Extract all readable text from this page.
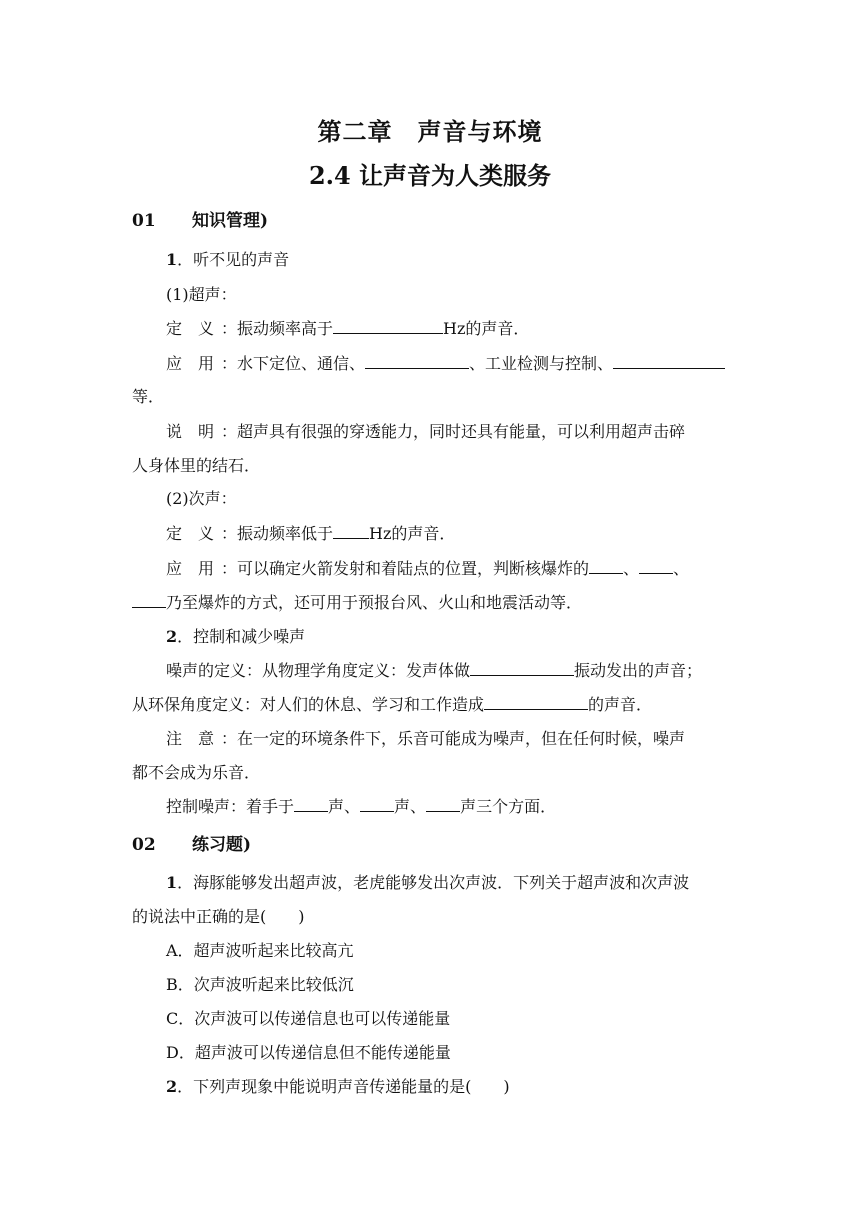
第二章　声音与环境
2.4 让声音为人类服务
01 知识管理)
1．听不见的声音
(1)超声：
定　义 ：振动频率高于	Hz的声音．
应　用 ：水下定位、通信、	、工业检测与控制、
等．
说　明 ：超声具有很强的穿透能力，同时还具有能量，可以利用超声击碎
人身体里的结石．
(2)次声：
定　义 ：振动频率低于 Hz的声音．
应　用 ：可以确定火箭发射和着陆点的位置，判断核爆炸的 、 、
乃至爆炸的方式，还可用于预报台风、火山和地震活动等．
2．控制和减少噪声
噪声的定义：从物理学角度定义：发声体做	振动发出的声音；
从环保角度定义：对人们的休息、学习和工作造成	的声音．
注　意 ：在一定的环境条件下，乐音可能成为噪声，但在任何时候，噪声
都不会成为乐音．
控制噪声：着手于 声、 声、 声三个方面．
02 练习题)
1．海豚能够发出超声波，老虎能够发出次声波．下列关于超声波和次声波
的说法中正确的是(　　)
A．超声波听起来比较高亢
B．次声波听起来比较低沉
C．次声波可以传递信息也可以传递能量
D．超声波可以传递信息但不能传递能量
2．下列声现象中能说明声音传递能量的是(　　)
